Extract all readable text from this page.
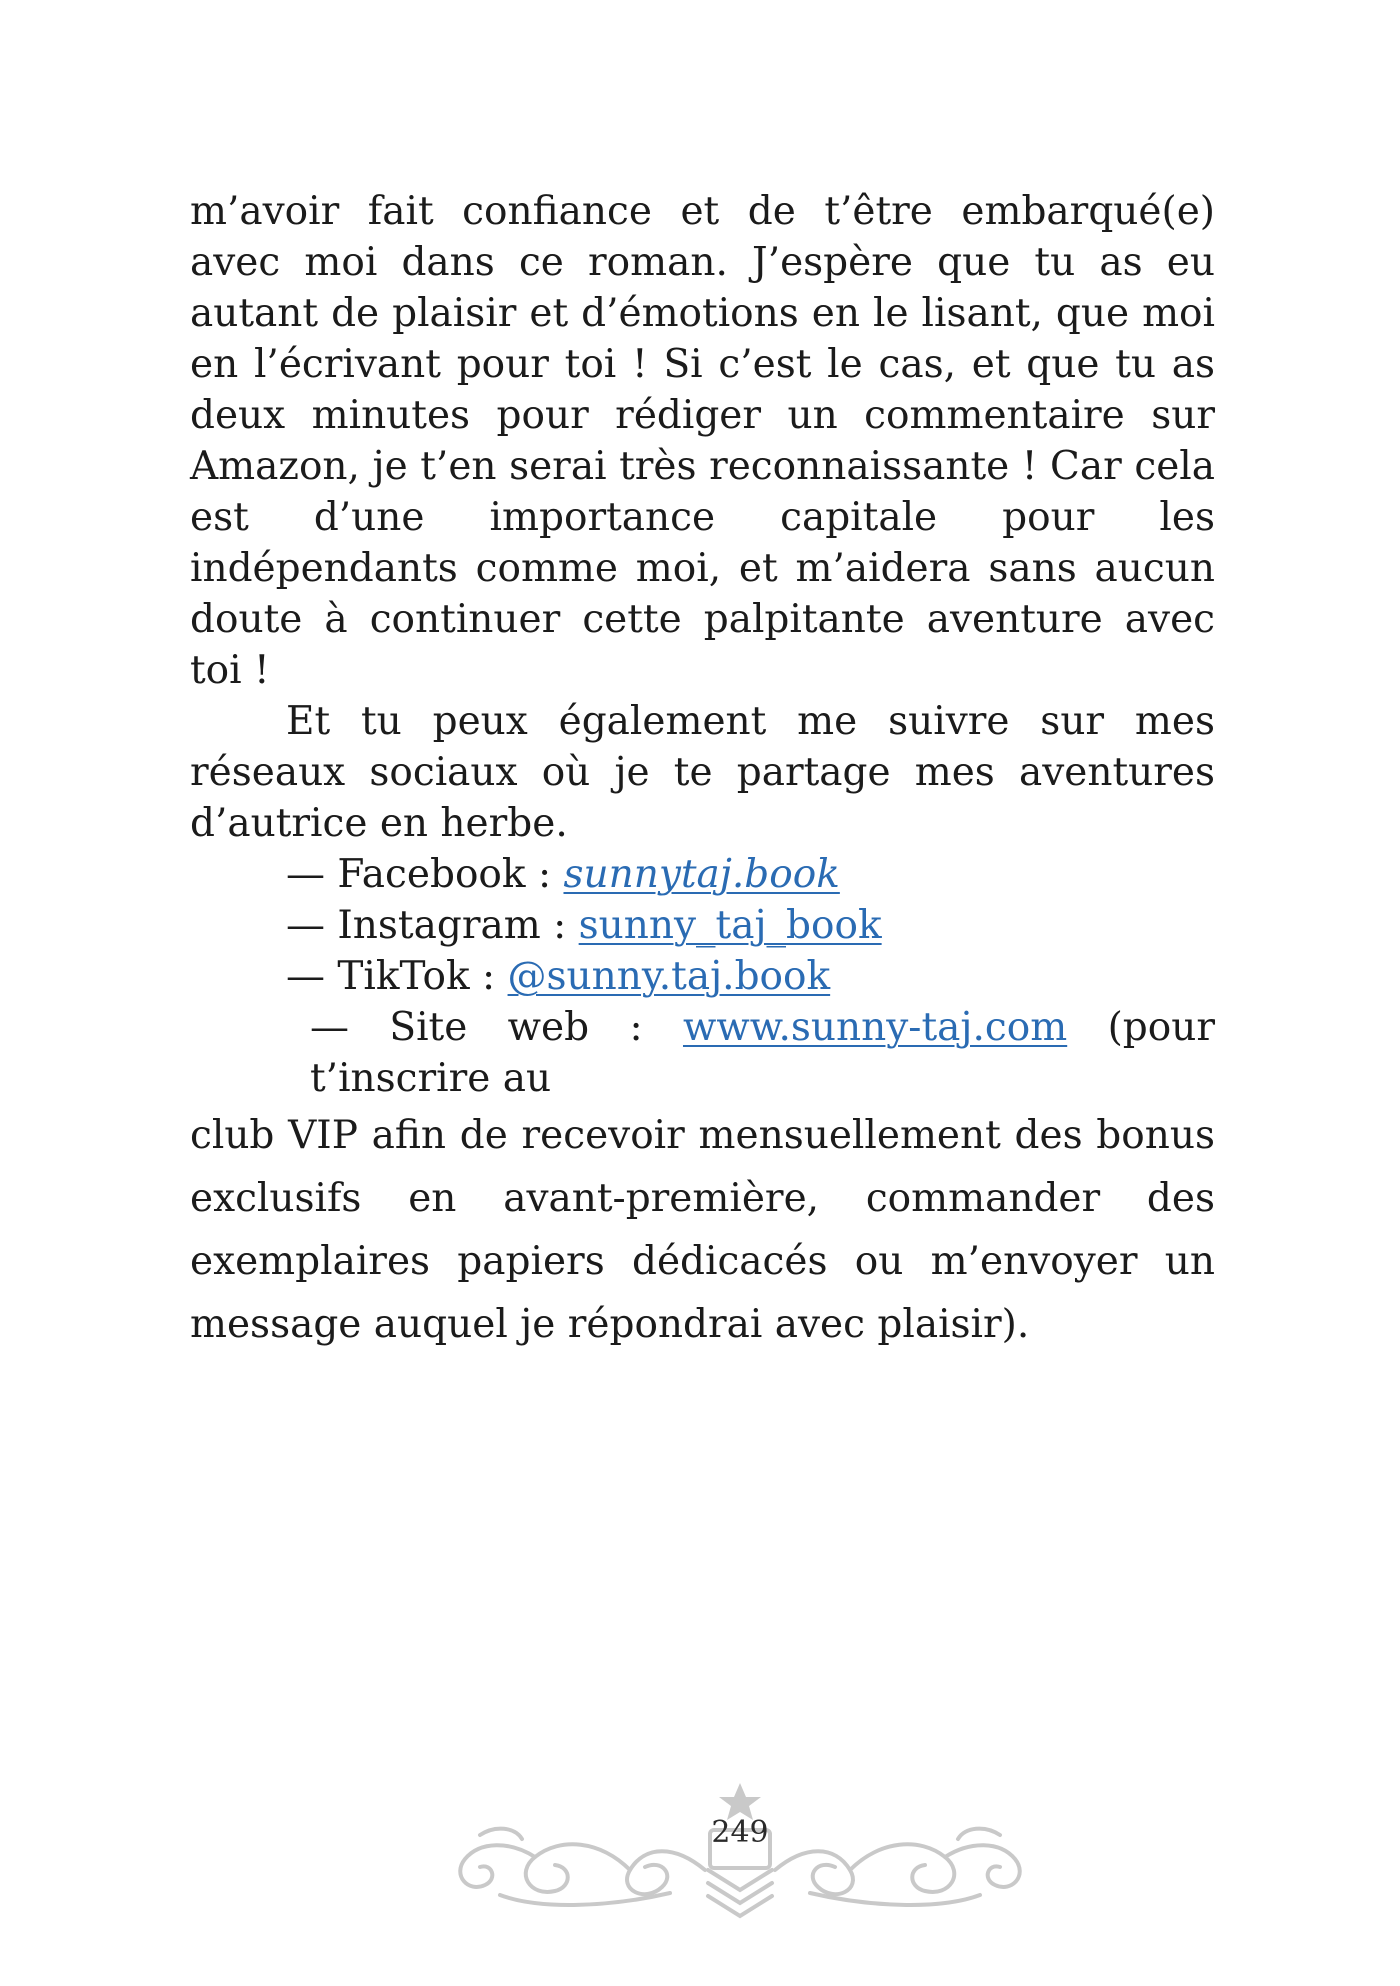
m’avoir fait confiance et de t’être embarqué(e) avec moi dans ce roman. J’espère que tu as eu autant de plaisir et d’émotions en le lisant, que moi en l’écrivant pour toi ! Si c’est le cas, et que tu as deux minutes pour rédiger un commentaire sur Amazon, je t’en serai très reconnaissante ! Car cela est d’une importance capitale pour les indépendants comme moi, et m’aidera sans aucun doute à continuer cette palpitante aventure avec toi !

Et tu peux également me suivre sur mes réseaux sociaux où je te partage mes aventures d’autrice en herbe.

— Facebook : sunnytaj.book

— Instagram : sunny_taj_book

— TikTok : @sunny.taj.book

— Site web : www.sunny-taj.com (pour t’inscrire au

club VIP afin de recevoir mensuellement des bonus exclusifs en avant-première, commander des exemplaires papiers dédicacés ou m’envoyer un message auquel je répondrai avec plaisir).

249
